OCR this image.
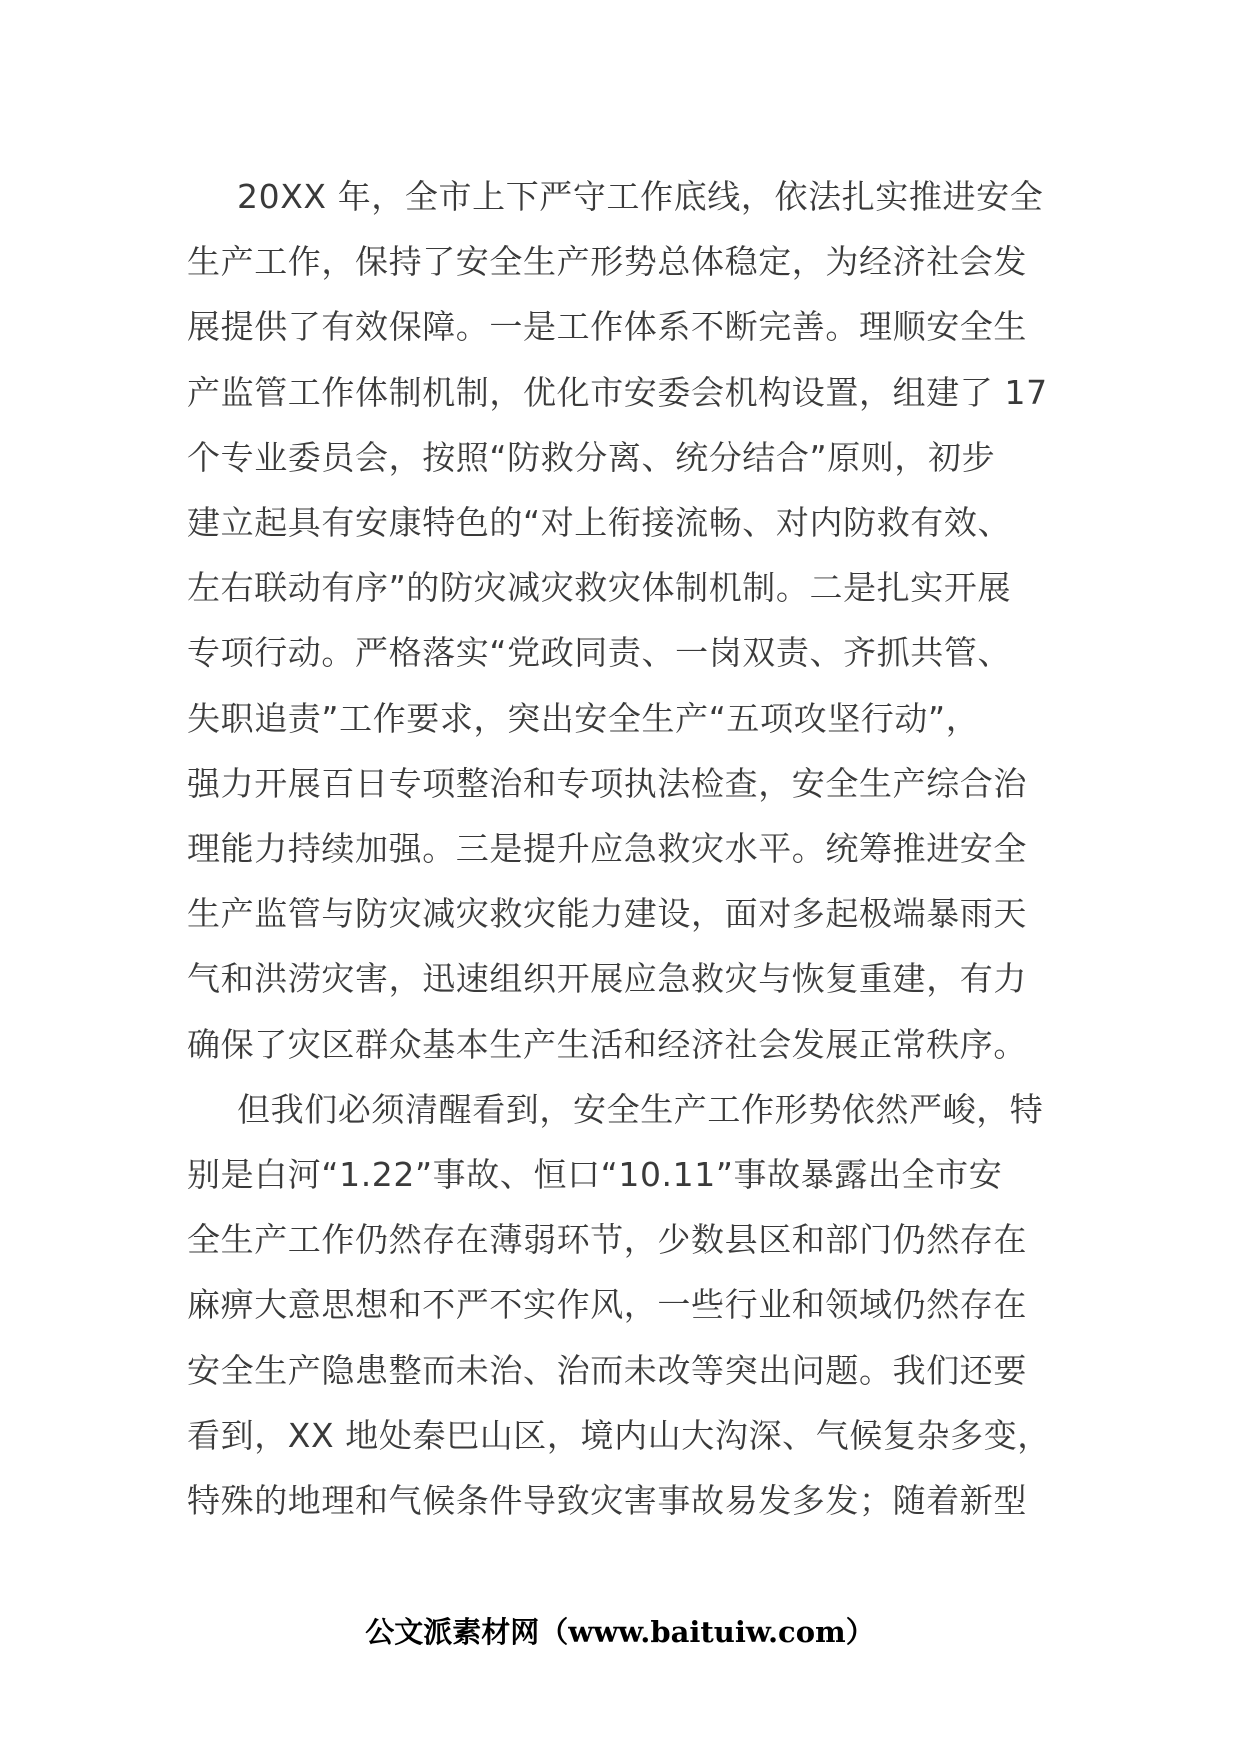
20XX 年，全市上下严守工作底线，依法扎实推进安全
生产工作，保持了安全生产形势总体稳定，为经济社会发
展提供了有效保障。一是工作体系不断完善。理顺安全生
产监管工作体制机制，优化市安委会机构设置，组建了 17
个专业委员会，按照“防救分离、统分结合”原则，初步
建立起具有安康特色的“对上衔接流畅、对内防救有效、
左右联动有序”的防灾减灾救灾体制机制。二是扎实开展
专项行动。严格落实“党政同责、一岗双责、齐抓共管、
失职追责”工作要求，突出安全生产“五项攻坚行动”，
强力开展百日专项整治和专项执法检查，安全生产综合治
理能力持续加强。三是提升应急救灾水平。统筹推进安全
生产监管与防灾减灾救灾能力建设，面对多起极端暴雨天
气和洪涝灾害，迅速组织开展应急救灾与恢复重建，有力
确保了灾区群众基本生产生活和经济社会发展正常秩序。

但我们必须清醒看到，安全生产工作形势依然严峻，特
别是白河“1.22”事故、恒口“10.11”事故暴露出全市安
全生产工作仍然存在薄弱环节，少数县区和部门仍然存在
麻痹大意思想和不严不实作风，一些行业和领域仍然存在
安全生产隐患整而未治、治而未改等突出问题。我们还要
看到，XX 地处秦巴山区，境内山大沟深、气候复杂多变，
特殊的地理和气候条件导致灾害事故易发多发；随着新型

公文派素材网（www.baituiw.com）
